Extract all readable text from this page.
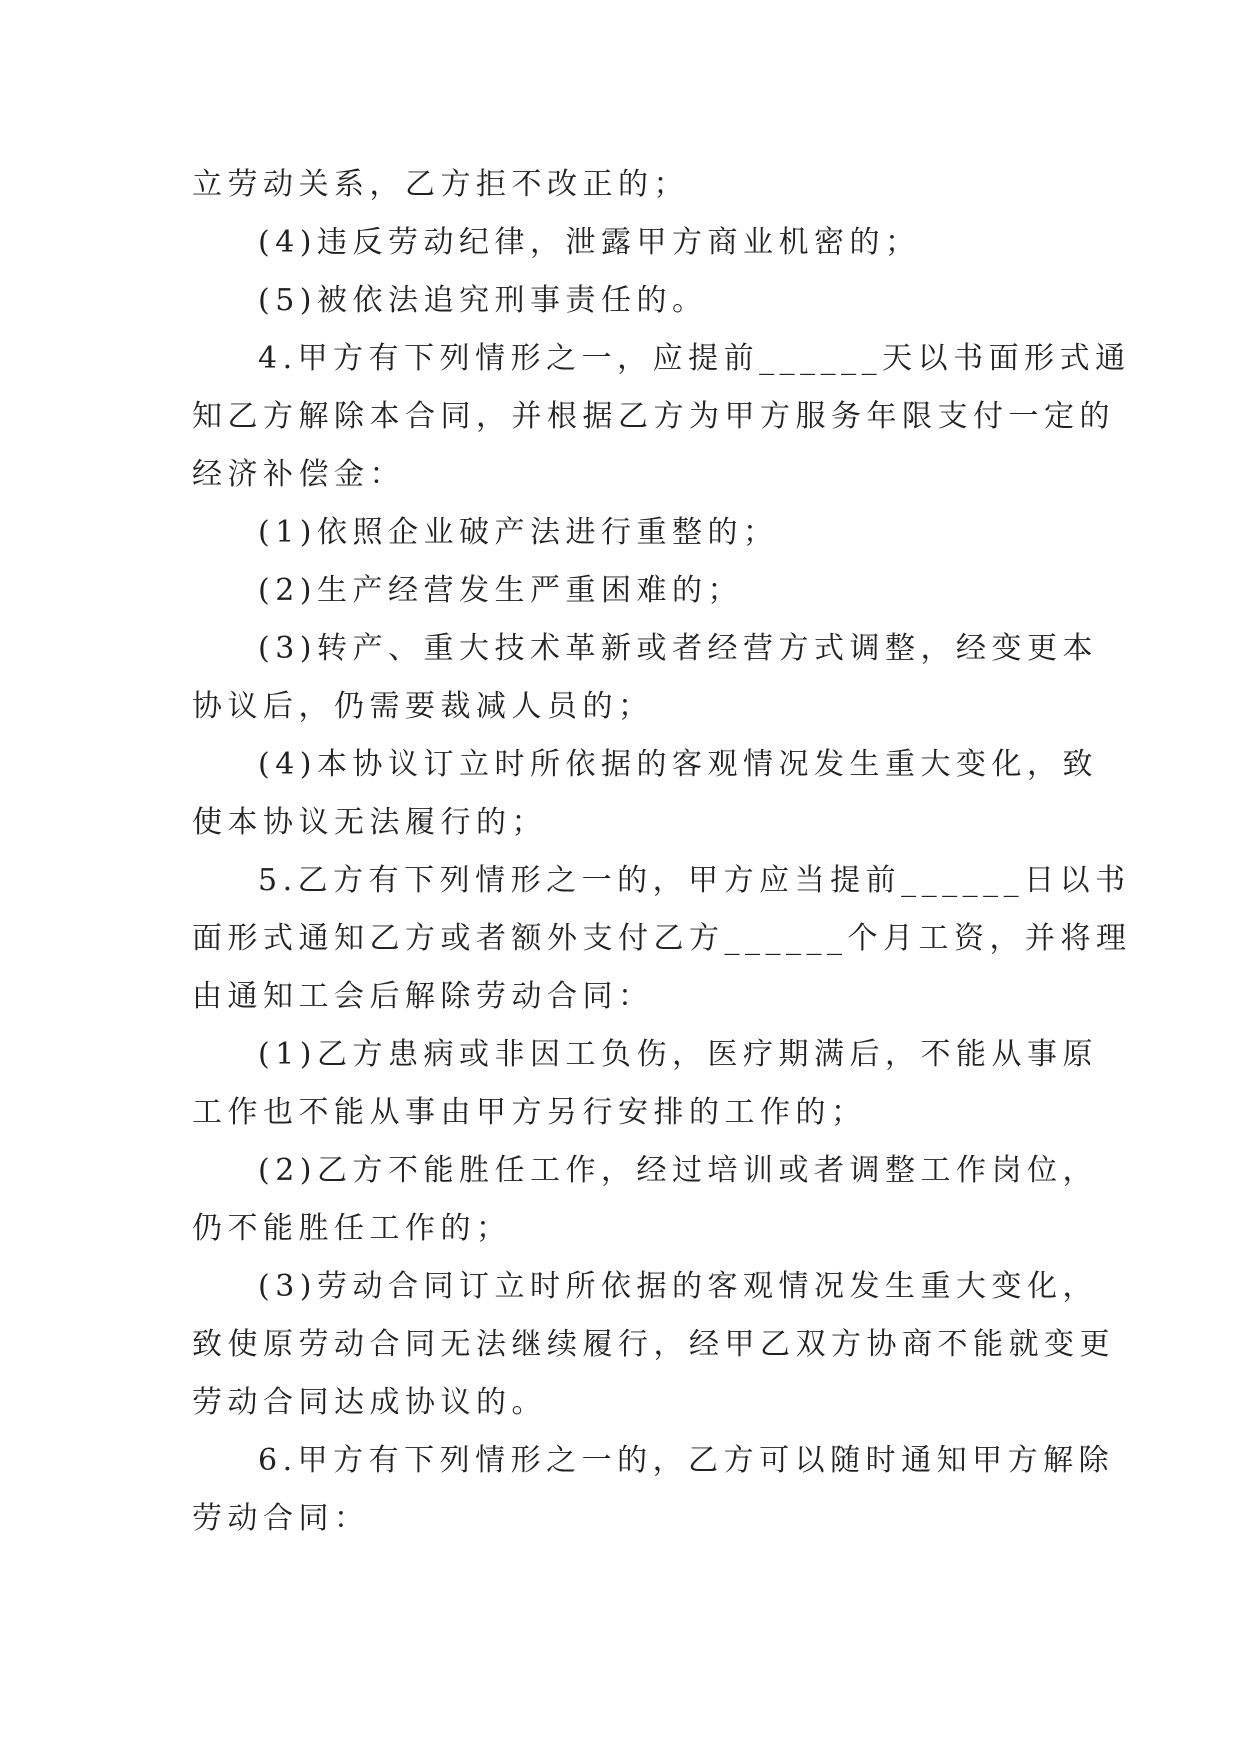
立劳动关系，乙方拒不改正的；
(4)违反劳动纪律，泄露甲方商业机密的；
(5)被依法追究刑事责任的。
4.甲方有下列情形之一，应提前______天以书面形式通
知乙方解除本合同，并根据乙方为甲方服务年限支付一定的
经济补偿金：
(1)依照企业破产法进行重整的；
(2)生产经营发生严重困难的；
(3)转产、重大技术革新或者经营方式调整，经变更本
协议后，仍需要裁减人员的；
(4)本协议订立时所依据的客观情况发生重大变化，致
使本协议无法履行的；
5.乙方有下列情形之一的，甲方应当提前______日以书
面形式通知乙方或者额外支付乙方______个月工资，并将理
由通知工会后解除劳动合同：
(1)乙方患病或非因工负伤，医疗期满后，不能从事原
工作也不能从事由甲方另行安排的工作的；
(2)乙方不能胜任工作，经过培训或者调整工作岗位，
仍不能胜任工作的；
(3)劳动合同订立时所依据的客观情况发生重大变化，
致使原劳动合同无法继续履行，经甲乙双方协商不能就变更
劳动合同达成协议的。
6.甲方有下列情形之一的，乙方可以随时通知甲方解除
劳动合同：
